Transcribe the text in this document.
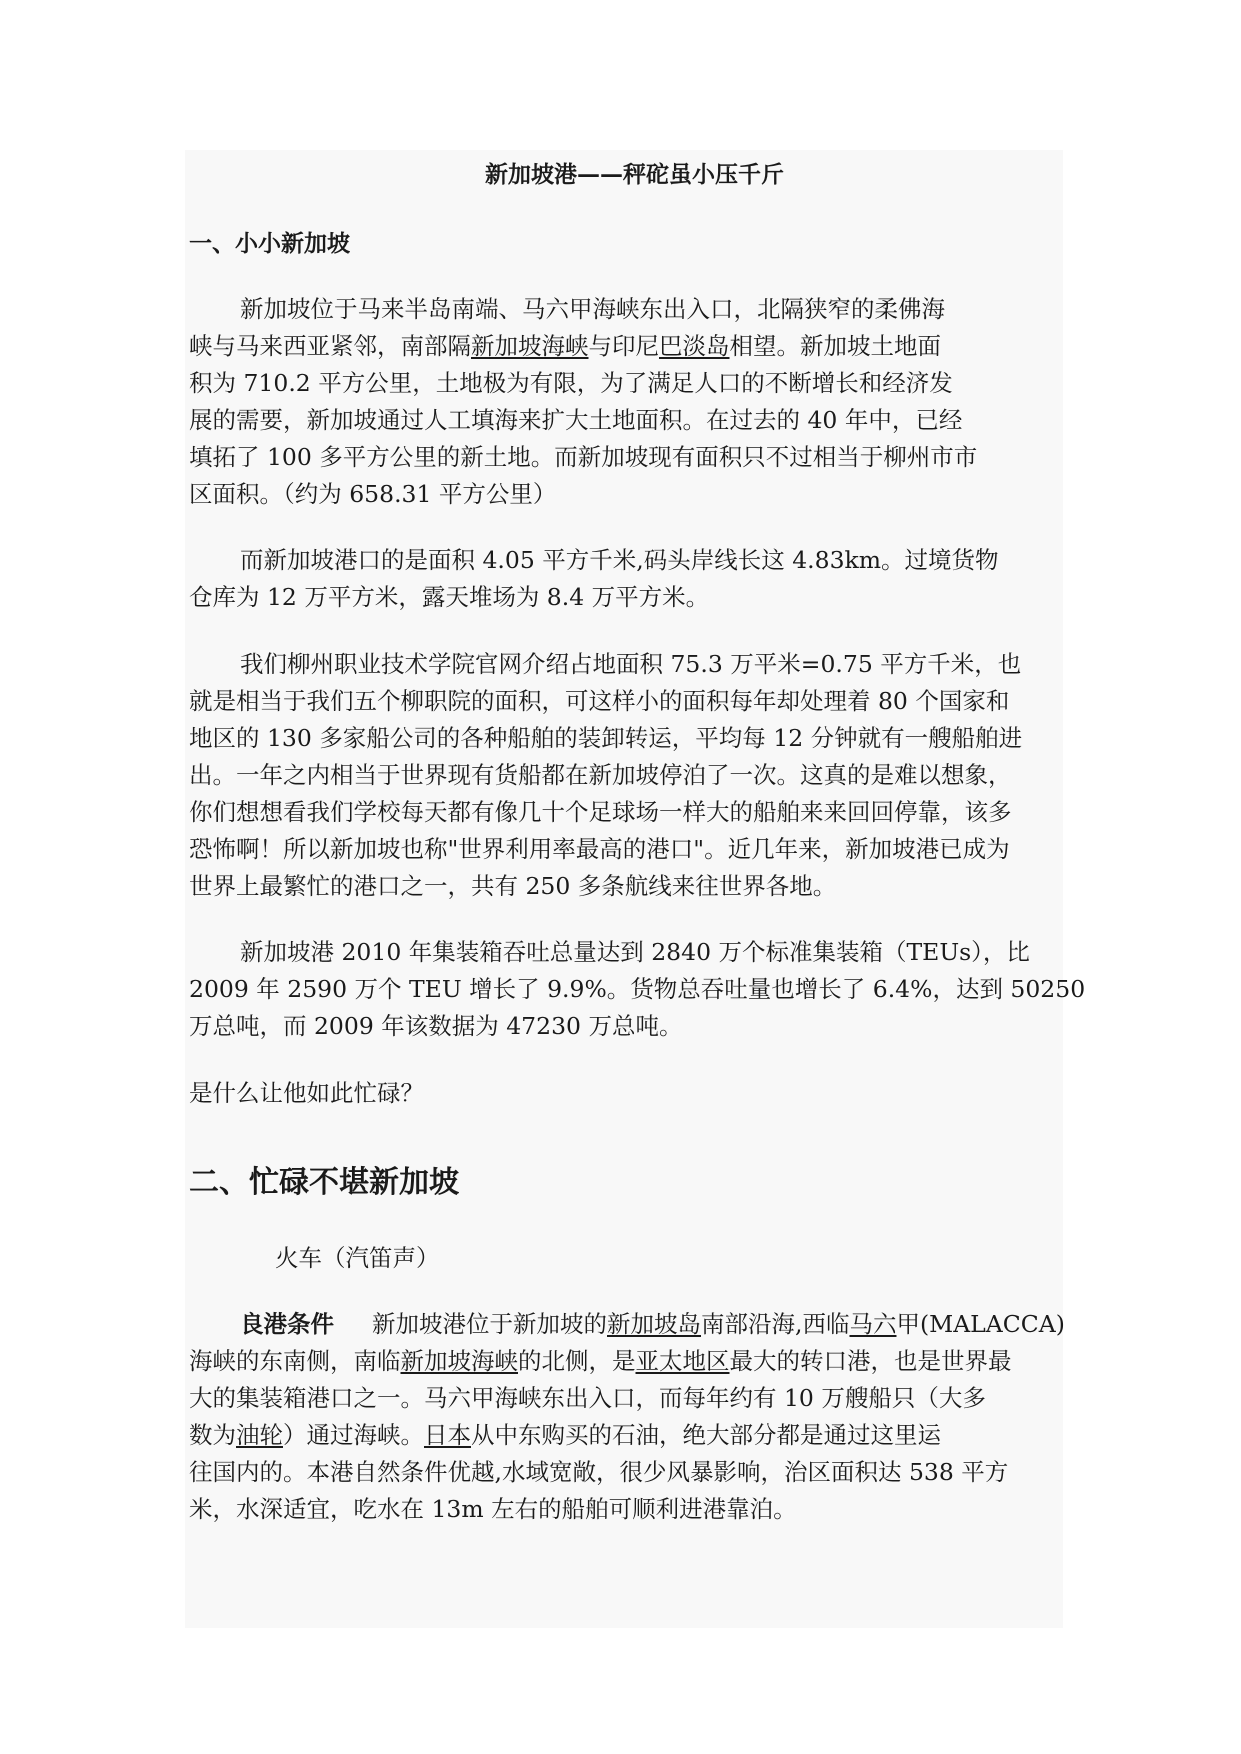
新加坡港——秤砣虽小压千斤
一、小小新加坡
新加坡位于马来半岛南端、马六甲海峡东出入口，北隔狭窄的柔佛海
峡与马来西亚紧邻，南部隔新加坡海峡与印尼巴淡岛相望。新加坡土地面
积为 710.2 平方公里，土地极为有限，为了满足人口的不断增长和经济发
展的需要，新加坡通过人工填海来扩大土地面积。在过去的 40 年中，已经
填拓了 100 多平方公里的新土地。而新加坡现有面积只不过相当于柳州市市
区面积。（约为 658.31 平方公里）
而新加坡港口的是面积 4.05 平方千米,码头岸线长这 4.83km。过境货物
仓库为 12 万平方米，露天堆场为 8.4 万平方米。
我们柳州职业技术学院官网介绍占地面积 75.3 万平米=0.75 平方千米，也
就是相当于我们五个柳职院的面积，可这样小的面积每年却处理着 80 个国家和
地区的 130 多家船公司的各种船舶的装卸转运，平均每 12 分钟就有一艘船舶进
出。一年之内相当于世界现有货船都在新加坡停泊了一次。这真的是难以想象，
你们想想看我们学校每天都有像几十个足球场一样大的船舶来来回回停靠，该多
恐怖啊！所以新加坡也称"世界利用率最高的港口"。近几年来，新加坡港已成为
世界上最繁忙的港口之一，共有 250 多条航线来往世界各地。
新加坡港 2010 年集装箱吞吐总量达到 2840 万个标准集装箱（TEUs），比
2009 年 2590 万个 TEU 增长了 9.9%。货物总吞吐量也增长了 6.4%，达到 50250
万总吨，而 2009 年该数据为 47230 万总吨。
是什么让他如此忙碌？
二、忙碌不堪新加坡
火车（汽笛声）
良港条件 新加坡港位于新加坡的新加坡岛南部沿海,西临马六甲(MALACCA)
海峡的东南侧，南临新加坡海峡的北侧，是亚太地区最大的转口港，也是世界最
大的集装箱港口之一。马六甲海峡东出入口，而每年约有 10 万艘船只（大多
数为油轮）通过海峡。日本从中东购买的石油，绝大部分都是通过这里运
往国内的。本港自然条件优越,水域宽敞，很少风暴影响，治区面积达 538 平方
米，水深适宜，吃水在 13m 左右的船舶可顺利进港靠泊。
